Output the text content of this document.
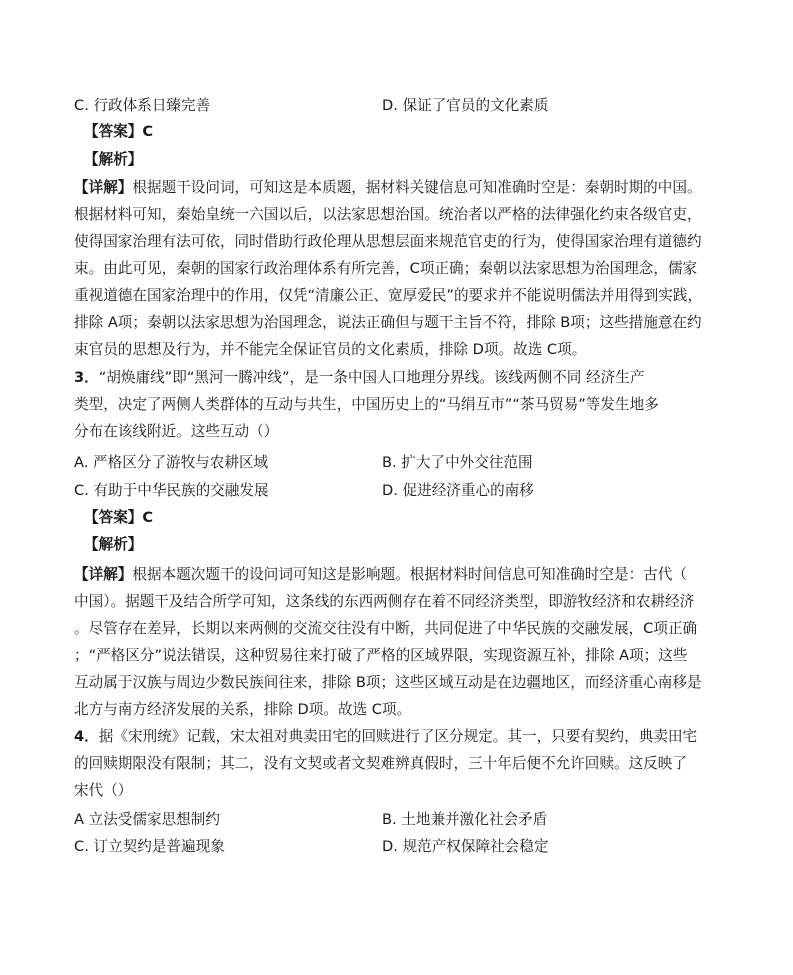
C. 行政体系日臻完善	D. 保证了官员的文化素质
【答案】C
【解析】
【详解】根据题干设问词，可知这是本质题，据材料关键信息可知准确时空是：秦朝时期的中国。
根据材料可知，秦始皇统一六国以后，以法家思想治国。统治者以严格的法律强化约束各级官吏，
使得国家治理有法可依，同时借助行政伦理从思想层面来规范官吏的行为，使得国家治理有道德约
束。由此可见，秦朝的国家行政治理体系有所完善，C项正确；秦朝以法家思想为治国理念，儒家
重视道德在国家治理中的作用，仅凭“清廉公正、宽厚爱民”的要求并不能说明儒法并用得到实践，
排除 A项；秦朝以法家思想为治国理念，说法正确但与题干主旨不符，排除 B项；这些措施意在约
束官员的思想及行为，并不能完全保证官员的文化素质，排除 D项。故选 C项。
3．“胡焕庸线”即“黑河一腾冲线”，是一条中国人口地理分界线。该线两侧不同 经济生产
类型，决定了两侧人类群体的互动与共生，中国历史上的“马绢互市”“茶马贸易”等发生地多
分布在该线附近。这些互动（）
A. 严格区分了游牧与农耕区域	B. 扩大了中外交往范围
C. 有助于中华民族的交融发展	D. 促进经济重心的南移
【答案】C
【解析】
【详解】根据本题次题干的设问词可知这是影响题。根据材料时间信息可知准确时空是：古代（
中国）。据题干及结合所学可知，这条线的东西两侧存在着不同经济类型，即游牧经济和农耕经济
。尽管存在差异，长期以来两侧的交流交往没有中断，共同促进了中华民族的交融发展，C项正确
；“严格区分”说法错误，这种贸易往来打破了严格的区域界限，实现资源互补，排除 A项；这些
互动属于汉族与周边少数民族间往来，排除 B项；这些区域互动是在边疆地区，而经济重心南移是
北方与南方经济发展的关系，排除 D项。故选 C项。
4．据《宋刑统》记载，宋太祖对典卖田宅的回赎进行了区分规定。其一，只要有契约，典卖田宅
的回赎期限没有限制；其二，没有文契或者文契难辨真假时，三十年后便不允许回赎。这反映了
宋代（）
A 立法受儒家思想制约	B. 土地兼并激化社会矛盾
C. 订立契约是普遍现象	D. 规范产权保障社会稳定
